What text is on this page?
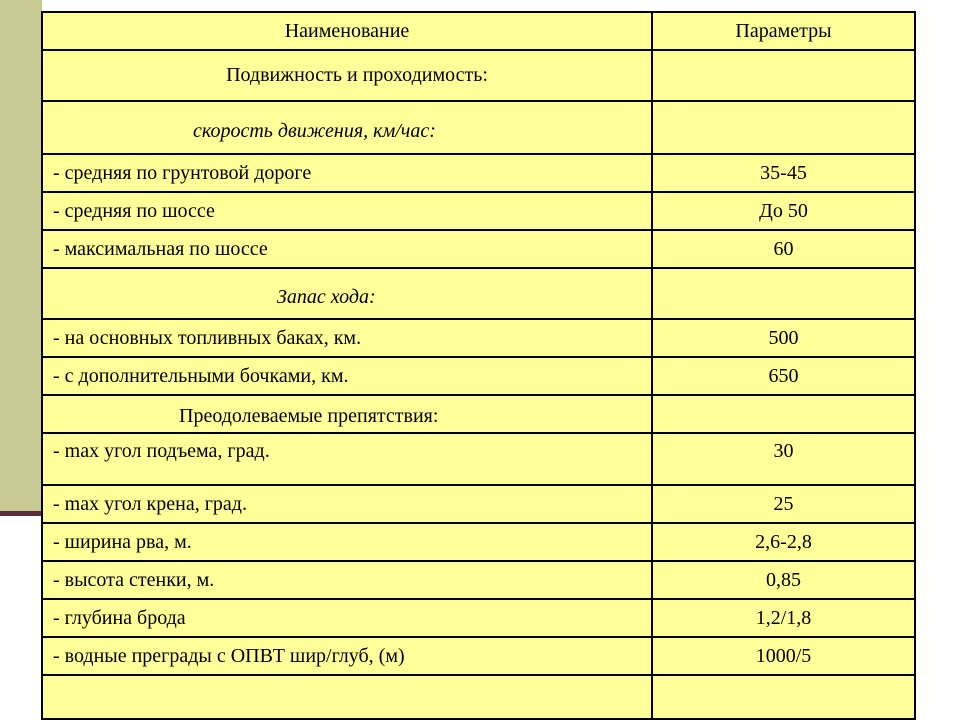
Наименование	Параметры
Подвижность и проходимость:	
скорость движения, км/час:	
- средняя по грунтовой дороге	35-45
- средняя по шоссе	До 50
- максимальная по шоссе	60
Запас хода:	
- на основных топливных баках, км.	500
- с дополнительными бочками, км.	650
Преодолеваемые препятствия:	
- max угол подъема, град.	30
- max угол крена, град.	25
- ширина рва, м.	2,6-2,8
- высота стенки, м.	0,85
- глубина брода	1,2/1,8
- водные преграды с ОПВТ шир/глуб, (м)	1000/5
